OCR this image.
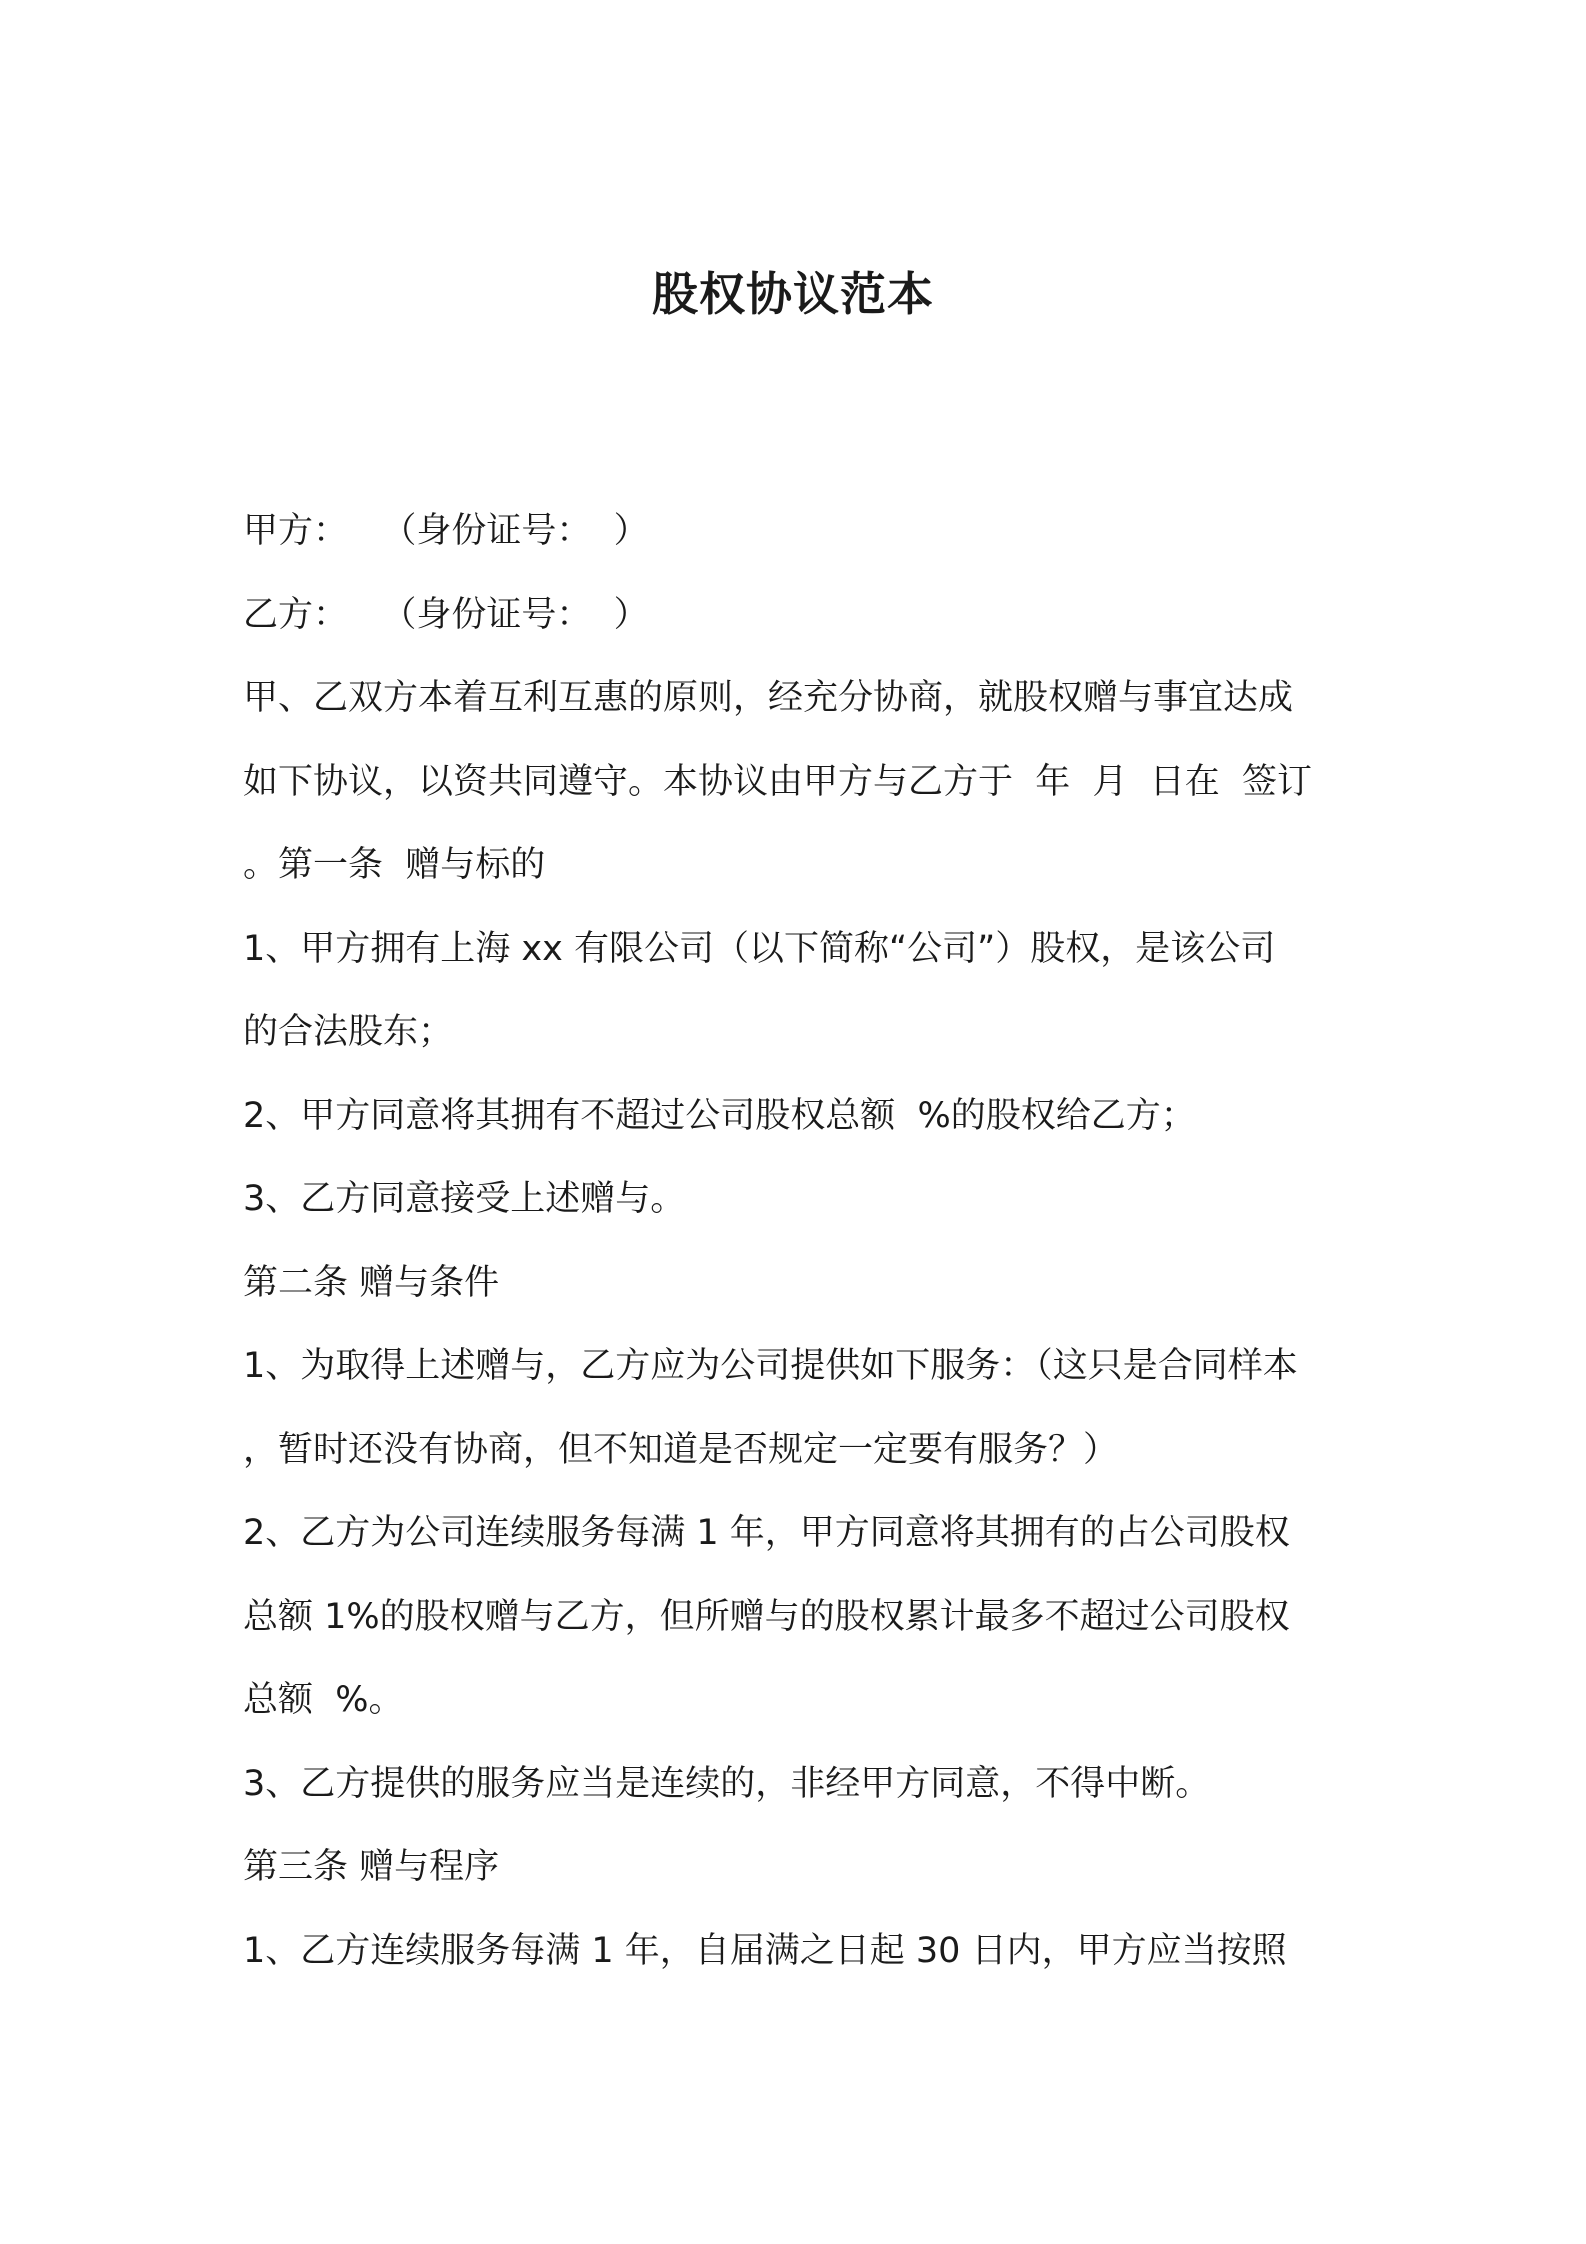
股权协议范本
甲方：   （身份证号：  ）
乙方：   （身份证号：  ）
甲、乙双方本着互利互惠的原则，经充分协商，就股权赠与事宜达成
如下协议，以资共同遵守。本协议由甲方与乙方于  年  月  日在  签订
。第一条  赠与标的
1、甲方拥有上海 xx 有限公司（以下简称“公司”）股权，是该公司
的合法股东；
2、甲方同意将其拥有不超过公司股权总额  %的股权给乙方；
3、乙方同意接受上述赠与。
第二条 赠与条件
1、为取得上述赠与，乙方应为公司提供如下服务：（这只是合同样本
，暂时还没有协商，但不知道是否规定一定要有服务？）
2、乙方为公司连续服务每满 1 年，甲方同意将其拥有的占公司股权
总额 1%的股权赠与乙方，但所赠与的股权累计最多不超过公司股权
总额  %。
3、乙方提供的服务应当是连续的，非经甲方同意，不得中断。
第三条 赠与程序
1、乙方连续服务每满 1 年，自届满之日起 30 日内，甲方应当按照
